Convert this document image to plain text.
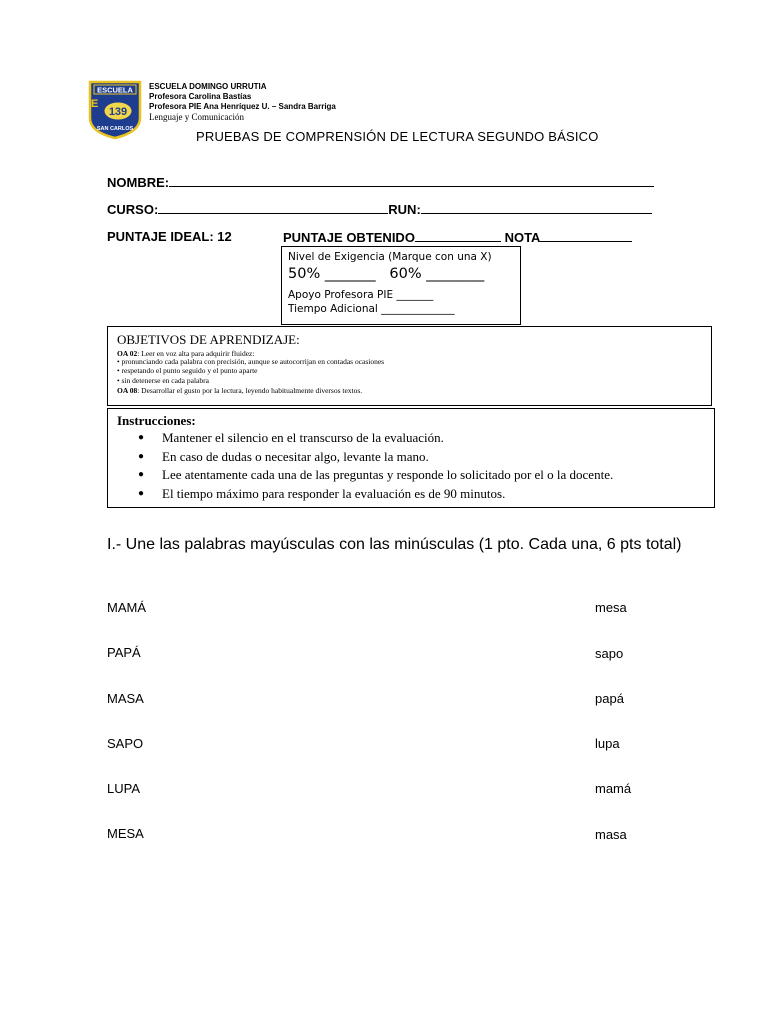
ESCUELA
E
139
SAN CARLOS
ESCUELA DOMINGO URRUTIA
Profesora Carolina Bastías
Profesora PIE Ana Henríquez U. – Sandra Barriga
Lenguaje y Comunicación
PRUEBAS DE COMPRENSIÓN DE LECTURA SEGUNDO BÁSICO
NOMBRE:
CURSO:	RUN:
PUNTAJE IDEAL: 12	PUNTAJE OBTENIDO	NOTA
Nivel de Exigencia (Marque con una X)
50% _______ 60% ________
Apoyo Profesora PIE _______
Tiempo Adicional ______________
OBJETIVOS DE APRENDIZAJE:
OA 02: Leer en voz alta para adquirir fluidez:
• pronunciando cada palabra con precisión, aunque se autocorrijan en contadas ocasiones
• respetando el punto seguido y el punto aparte
• sin detenerse en cada palabra
OA 08: Desarrollar el gusto por la lectura, leyendo habitualmente diversos textos.
Instrucciones:
● Mantener el silencio en el transcurso de la evaluación.
● En caso de dudas o necesitar algo, levante la mano.
● Lee atentamente cada una de las preguntas y responde lo solicitado por el o la docente.
● El tiempo máximo para responder la evaluación es de 90 minutos.
I.- Une las palabras mayúsculas con las minúsculas (1 pto. Cada una, 6 pts total)
MAMÁ	mesa
PAPÁ	sapo
MASA	papá
SAPO	lupa
LUPA	mamá
MESA	masa
